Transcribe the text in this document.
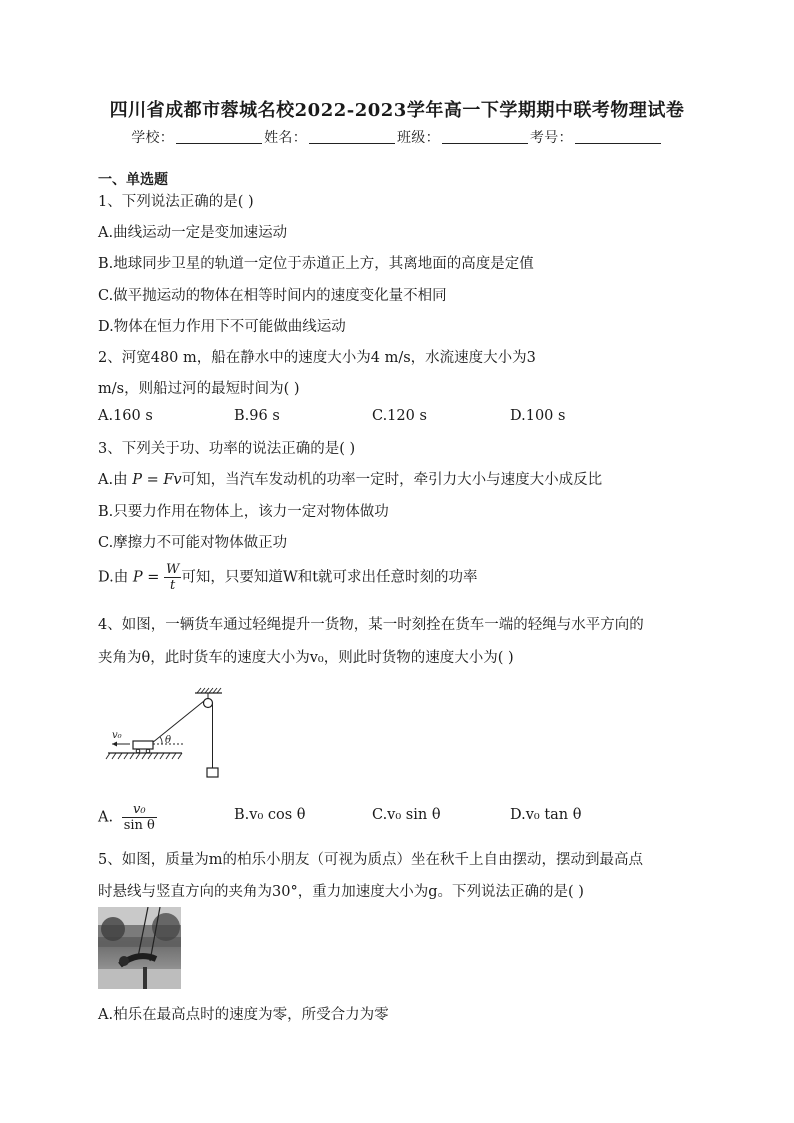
四川省成都市蓉城名校2022-2023学年高一下学期期中联考物理试卷
学校：	姓名：	班级：	考号：
一、单选题
1、下列说法正确的是( )
A.曲线运动一定是变加速运动
B.地球同步卫星的轨道一定位于赤道正上方，其离地面的高度是定值
C.做平抛运动的物体在相等时间内的速度变化量不相同
D.物体在恒力作用下不可能做曲线运动
2、河宽480 m，船在静水中的速度大小为4 m/s，水流速度大小为3
m/s，则船过河的最短时间为( )
A.160 s	B.96 s	C.120 s	D.100 s
3、下列关于功、功率的说法正确的是( )
A.由 P = Fv可知，当汽车发动机的功率一定时，牵引力大小与速度大小成反比
B.只要力作用在物体上，该力一定对物体做功
C.摩擦力不可能对物体做正功
D.由 $P = \frac{W}{t}$ 可知，只要知道W和t就可求出任意时刻的功率
4、如图，一辆货车通过轻绳提升一货物，某一时刻拴在货车一端的轻绳与水平方向的
夹角为θ，此时货车的速度大小为v₀，则此时货物的速度大小为( )
θ
v₀
A. $\frac{\text{v₀}}{\text{sin θ}}$	B.v₀ cos θ	C.v₀ sin θ	D.v₀ tan θ
5、如图，质量为m的柏乐小朋友（可视为质点）坐在秋千上自由摆动，摆动到最高点
时悬线与竖直方向的夹角为30°，重力加速度大小为g。下列说法正确的是( )
A.柏乐在最高点时的速度为零，所受合力为零
